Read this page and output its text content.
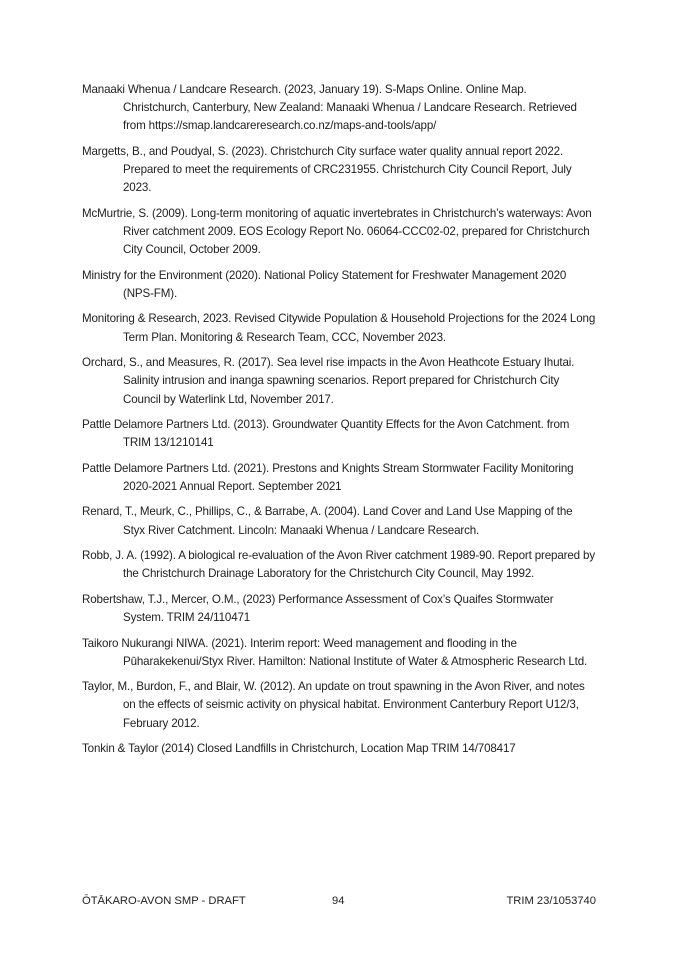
Manaaki Whenua / Landcare Research. (2023, January 19). S-Maps Online. Online Map. Christchurch, Canterbury, New Zealand: Manaaki Whenua / Landcare Research. Retrieved from https://smap.landcareresearch.co.nz/maps-and-tools/app/
Margetts, B., and Poudyal, S. (2023). Christchurch City surface water quality annual report 2022. Prepared to meet the requirements of CRC231955. Christchurch City Council Report, July 2023.
McMurtrie, S. (2009). Long-term monitoring of aquatic invertebrates in Christchurch’s waterways: Avon River catchment 2009. EOS Ecology Report No. 06064-CCC02-02, prepared for Christchurch City Council, October 2009.
Ministry for the Environment (2020). National Policy Statement for Freshwater Management 2020 (NPS-FM).
Monitoring & Research, 2023. Revised Citywide Population & Household Projections for the 2024 Long Term Plan. Monitoring & Research Team, CCC, November 2023.
Orchard, S., and Measures, R. (2017). Sea level rise impacts in the Avon Heathcote Estuary Ihutai. Salinity intrusion and inanga spawning scenarios. Report prepared for Christchurch City Council by Waterlink Ltd, November 2017.
Pattle Delamore Partners Ltd. (2013). Groundwater Quantity Effects for the Avon Catchment. from TRIM 13/1210141
Pattle Delamore Partners Ltd. (2021). Prestons and Knights Stream Stormwater Facility Monitoring 2020-2021 Annual Report. September 2021
Renard, T., Meurk, C., Phillips, C., & Barrabe, A. (2004). Land Cover and Land Use Mapping of the Styx River Catchment. Lincoln: Manaaki Whenua / Landcare Research.
Robb, J. A. (1992). A biological re-evaluation of the Avon River catchment 1989-90. Report prepared by the Christchurch Drainage Laboratory for the Christchurch City Council, May 1992.
Robertshaw, T.J., Mercer, O.M., (2023) Performance Assessment of Cox’s Quaifes Stormwater System. TRIM 24/110471
Taikoro Nukurangi NIWA. (2021). Interim report: Weed management and flooding in the Pūharakekenui/Styx River. Hamilton: National Institute of Water & Atmospheric Research Ltd.
Taylor, M., Burdon, F., and Blair, W. (2012). An update on trout spawning in the Avon River, and notes on the effects of seismic activity on physical habitat. Environment Canterbury Report U12/3, February 2012.
Tonkin & Taylor (2014) Closed Landfills in Christchurch, Location Map TRIM 14/708417
ŌTĀKARO-AVON SMP - DRAFT	94	TRIM 23/1053740
